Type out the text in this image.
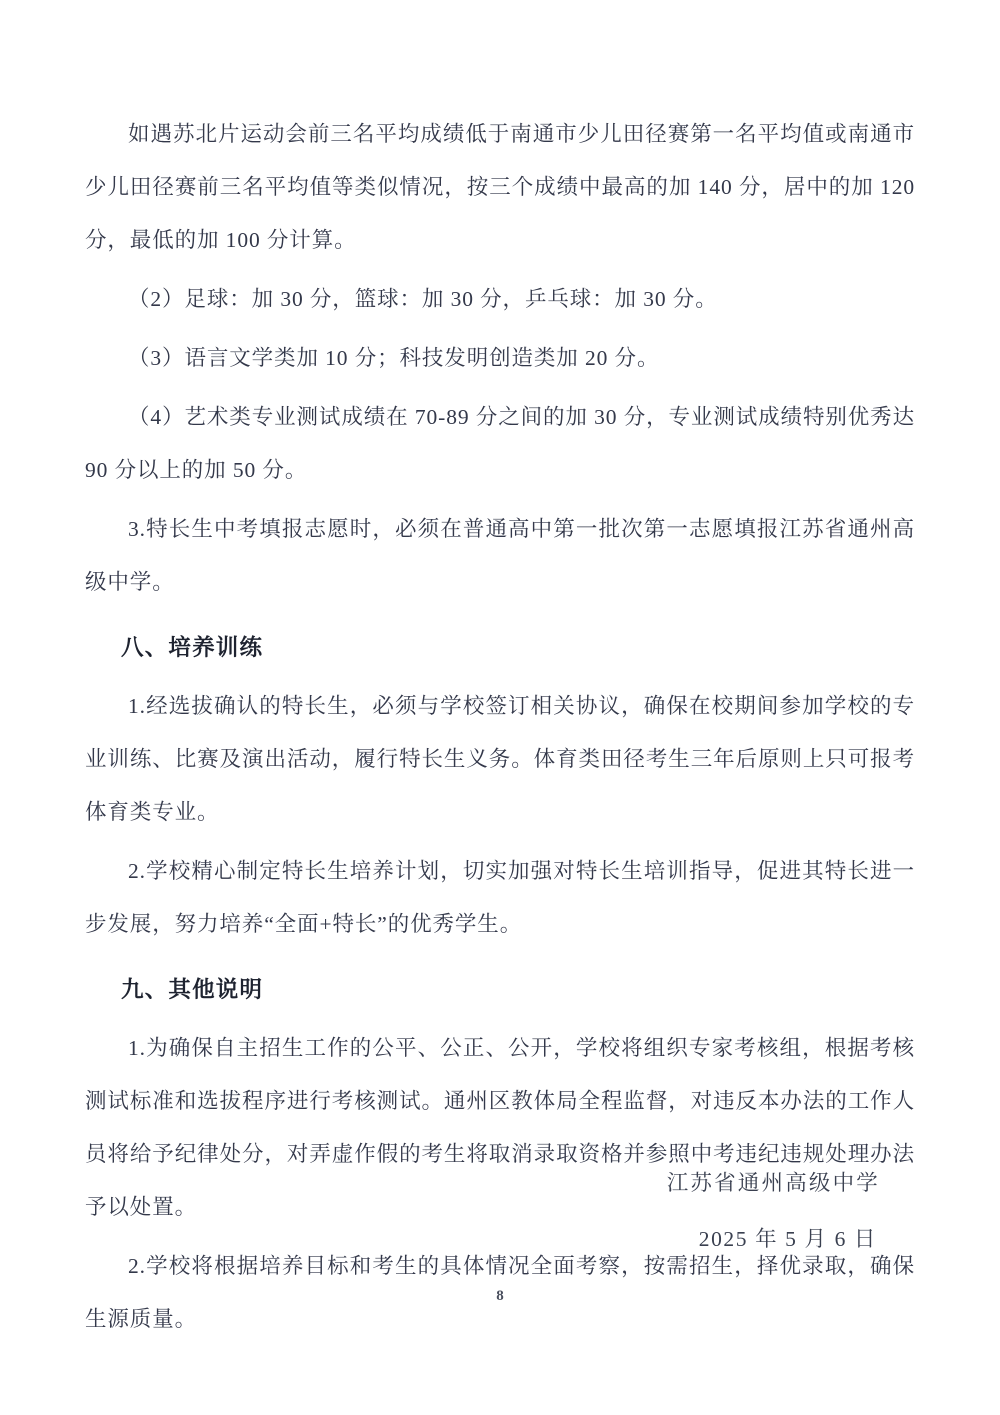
如遇苏北片运动会前三名平均成绩低于南通市少儿田径赛第一名平均值或南通市少儿田径赛前三名平均值等类似情况，按三个成绩中最高的加 140 分，居中的加 120 分，最低的加 100 分计算。

（2）足球：加 30 分，篮球：加 30 分，乒乓球：加 30 分。

（3）语言文学类加 10 分；科技发明创造类加 20 分。

（4）艺术类专业测试成绩在 70-89 分之间的加 30 分，专业测试成绩特别优秀达 90 分以上的加 50 分。

3.特长生中考填报志愿时，必须在普通高中第一批次第一志愿填报江苏省通州高级中学。

八、培养训练

1.经选拔确认的特长生，必须与学校签订相关协议，确保在校期间参加学校的专业训练、比赛及演出活动，履行特长生义务。体育类田径考生三年后原则上只可报考体育类专业。

2.学校精心制定特长生培养计划，切实加强对特长生培训指导，促进其特长进一步发展，努力培养“全面+特长”的优秀学生。

九、其他说明

1.为确保自主招生工作的公平、公正、公开，学校将组织专家考核组，根据考核测试标准和选拔程序进行考核测试。通州区教体局全程监督，对违反本办法的工作人员将给予纪律处分，对弄虚作假的考生将取消录取资格并参照中考违纪违规处理办法予以处置。

2.学校将根据培养目标和考生的具体情况全面考察，按需招生，择优录取，确保生源质量。

江苏省通州高级中学
2025 年 5 月 6 日
8
